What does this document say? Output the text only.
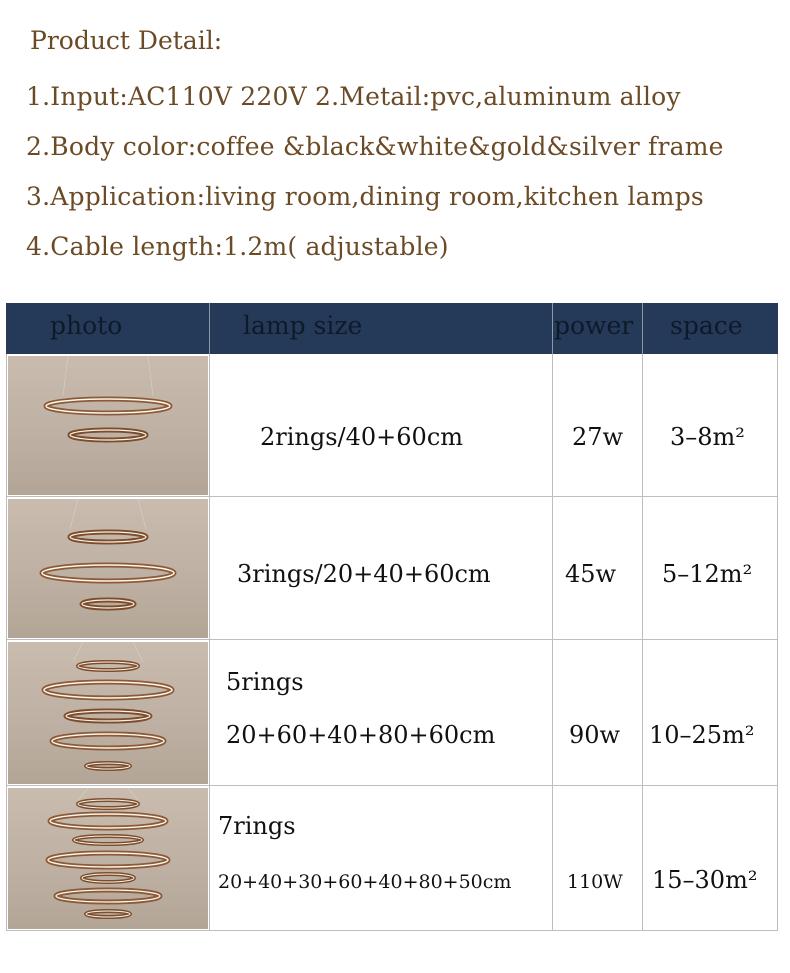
Product Detail:
1.Input:AC110V 220V 2.Metail:pvc,aluminum alloy
2.Body color:coffee &black&white&gold&silver frame
3.Application:living room,dining room,kitchen lamps
4.Cable length:1.2m( adjustable)
photo	lamp size	power space
2rings/40+60cm	27w 3–8m²
3rings/20+40+60cm	45w 5–12m²
5rings
20+60+40+80+60cm	90w 10–25m²
7rings
20+40+30+60+40+80+50cm	110W 15–30m²
